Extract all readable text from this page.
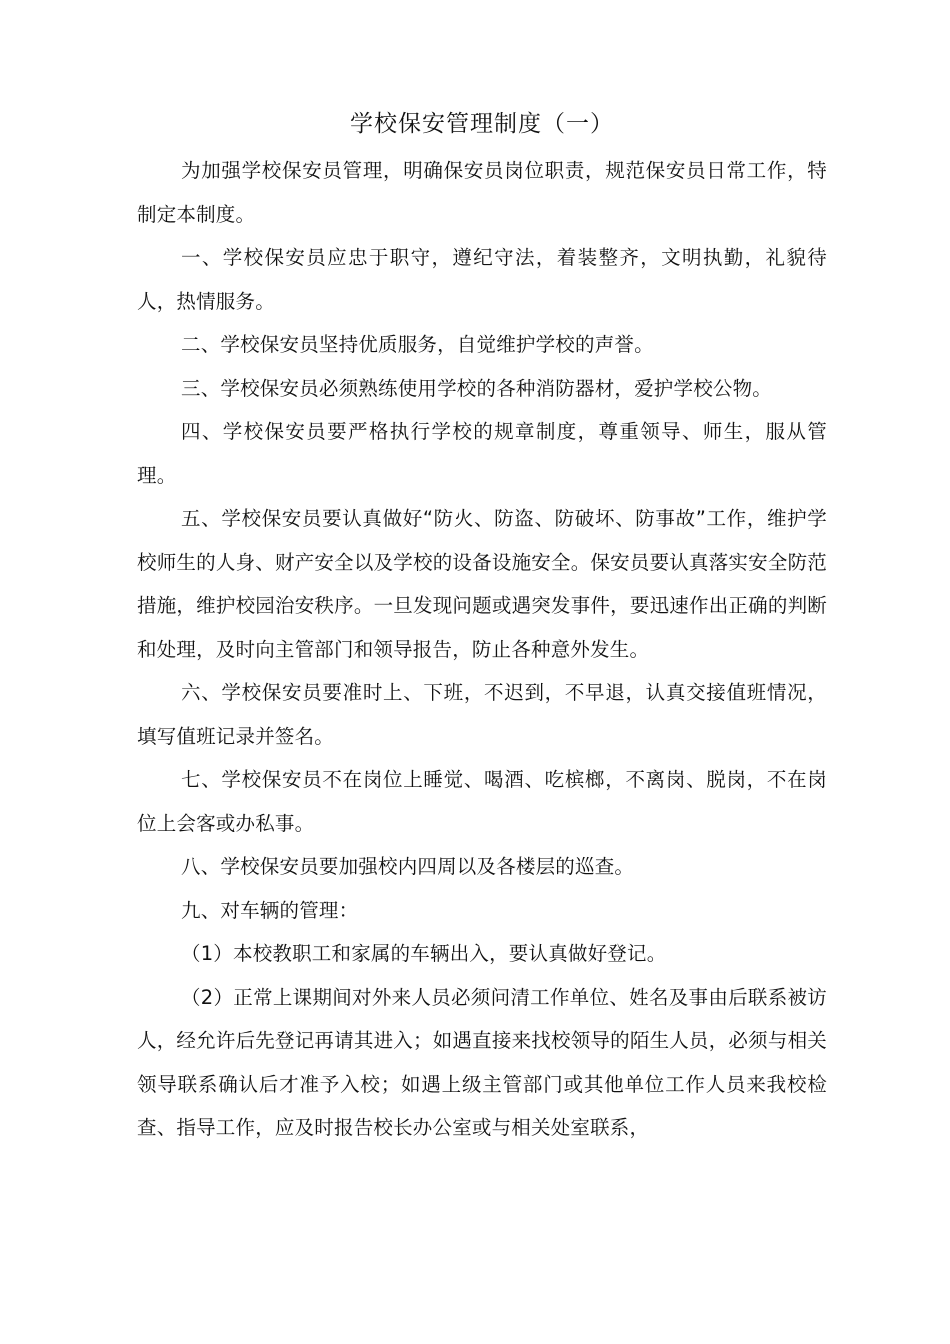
学校保安管理制度（一）

为加强学校保安员管理，明确保安员岗位职责，规范保安员日常工作，特制定本制度。

一、学校保安员应忠于职守，遵纪守法，着装整齐，文明执勤，礼貌待人，热情服务。

二、学校保安员坚持优质服务，自觉维护学校的声誉。

三、学校保安员必须熟练使用学校的各种消防器材，爱护学校公物。

四、学校保安员要严格执行学校的规章制度，尊重领导、师生，服从管理。

五、学校保安员要认真做好“防火、防盗、防破坏、防事故”工作，维护学校师生的人身、财产安全以及学校的设备设施安全。保安员要认真落实安全防范措施，维护校园治安秩序。一旦发现问题或遇突发事件，要迅速作出正确的判断和处理，及时向主管部门和领导报告，防止各种意外发生。

六、学校保安员要准时上、下班，不迟到，不早退，认真交接值班情况，填写值班记录并签名。

七、学校保安员不在岗位上睡觉、喝酒、吃槟榔，不离岗、脱岗，不在岗位上会客或办私事。

八、学校保安员要加强校内四周以及各楼层的巡查。

九、对车辆的管理：

（1）本校教职工和家属的车辆出入，要认真做好登记。

（2）正常上课期间对外来人员必须问清工作单位、姓名及事由后联系被访人，经允许后先登记再请其进入；如遇直接来找校领导的陌生人员，必须与相关领导联系确认后才准予入校；如遇上级主管部门或其他单位工作人员来我校检查、指导工作，应及时报告校长办公室或与相关处室联系，
